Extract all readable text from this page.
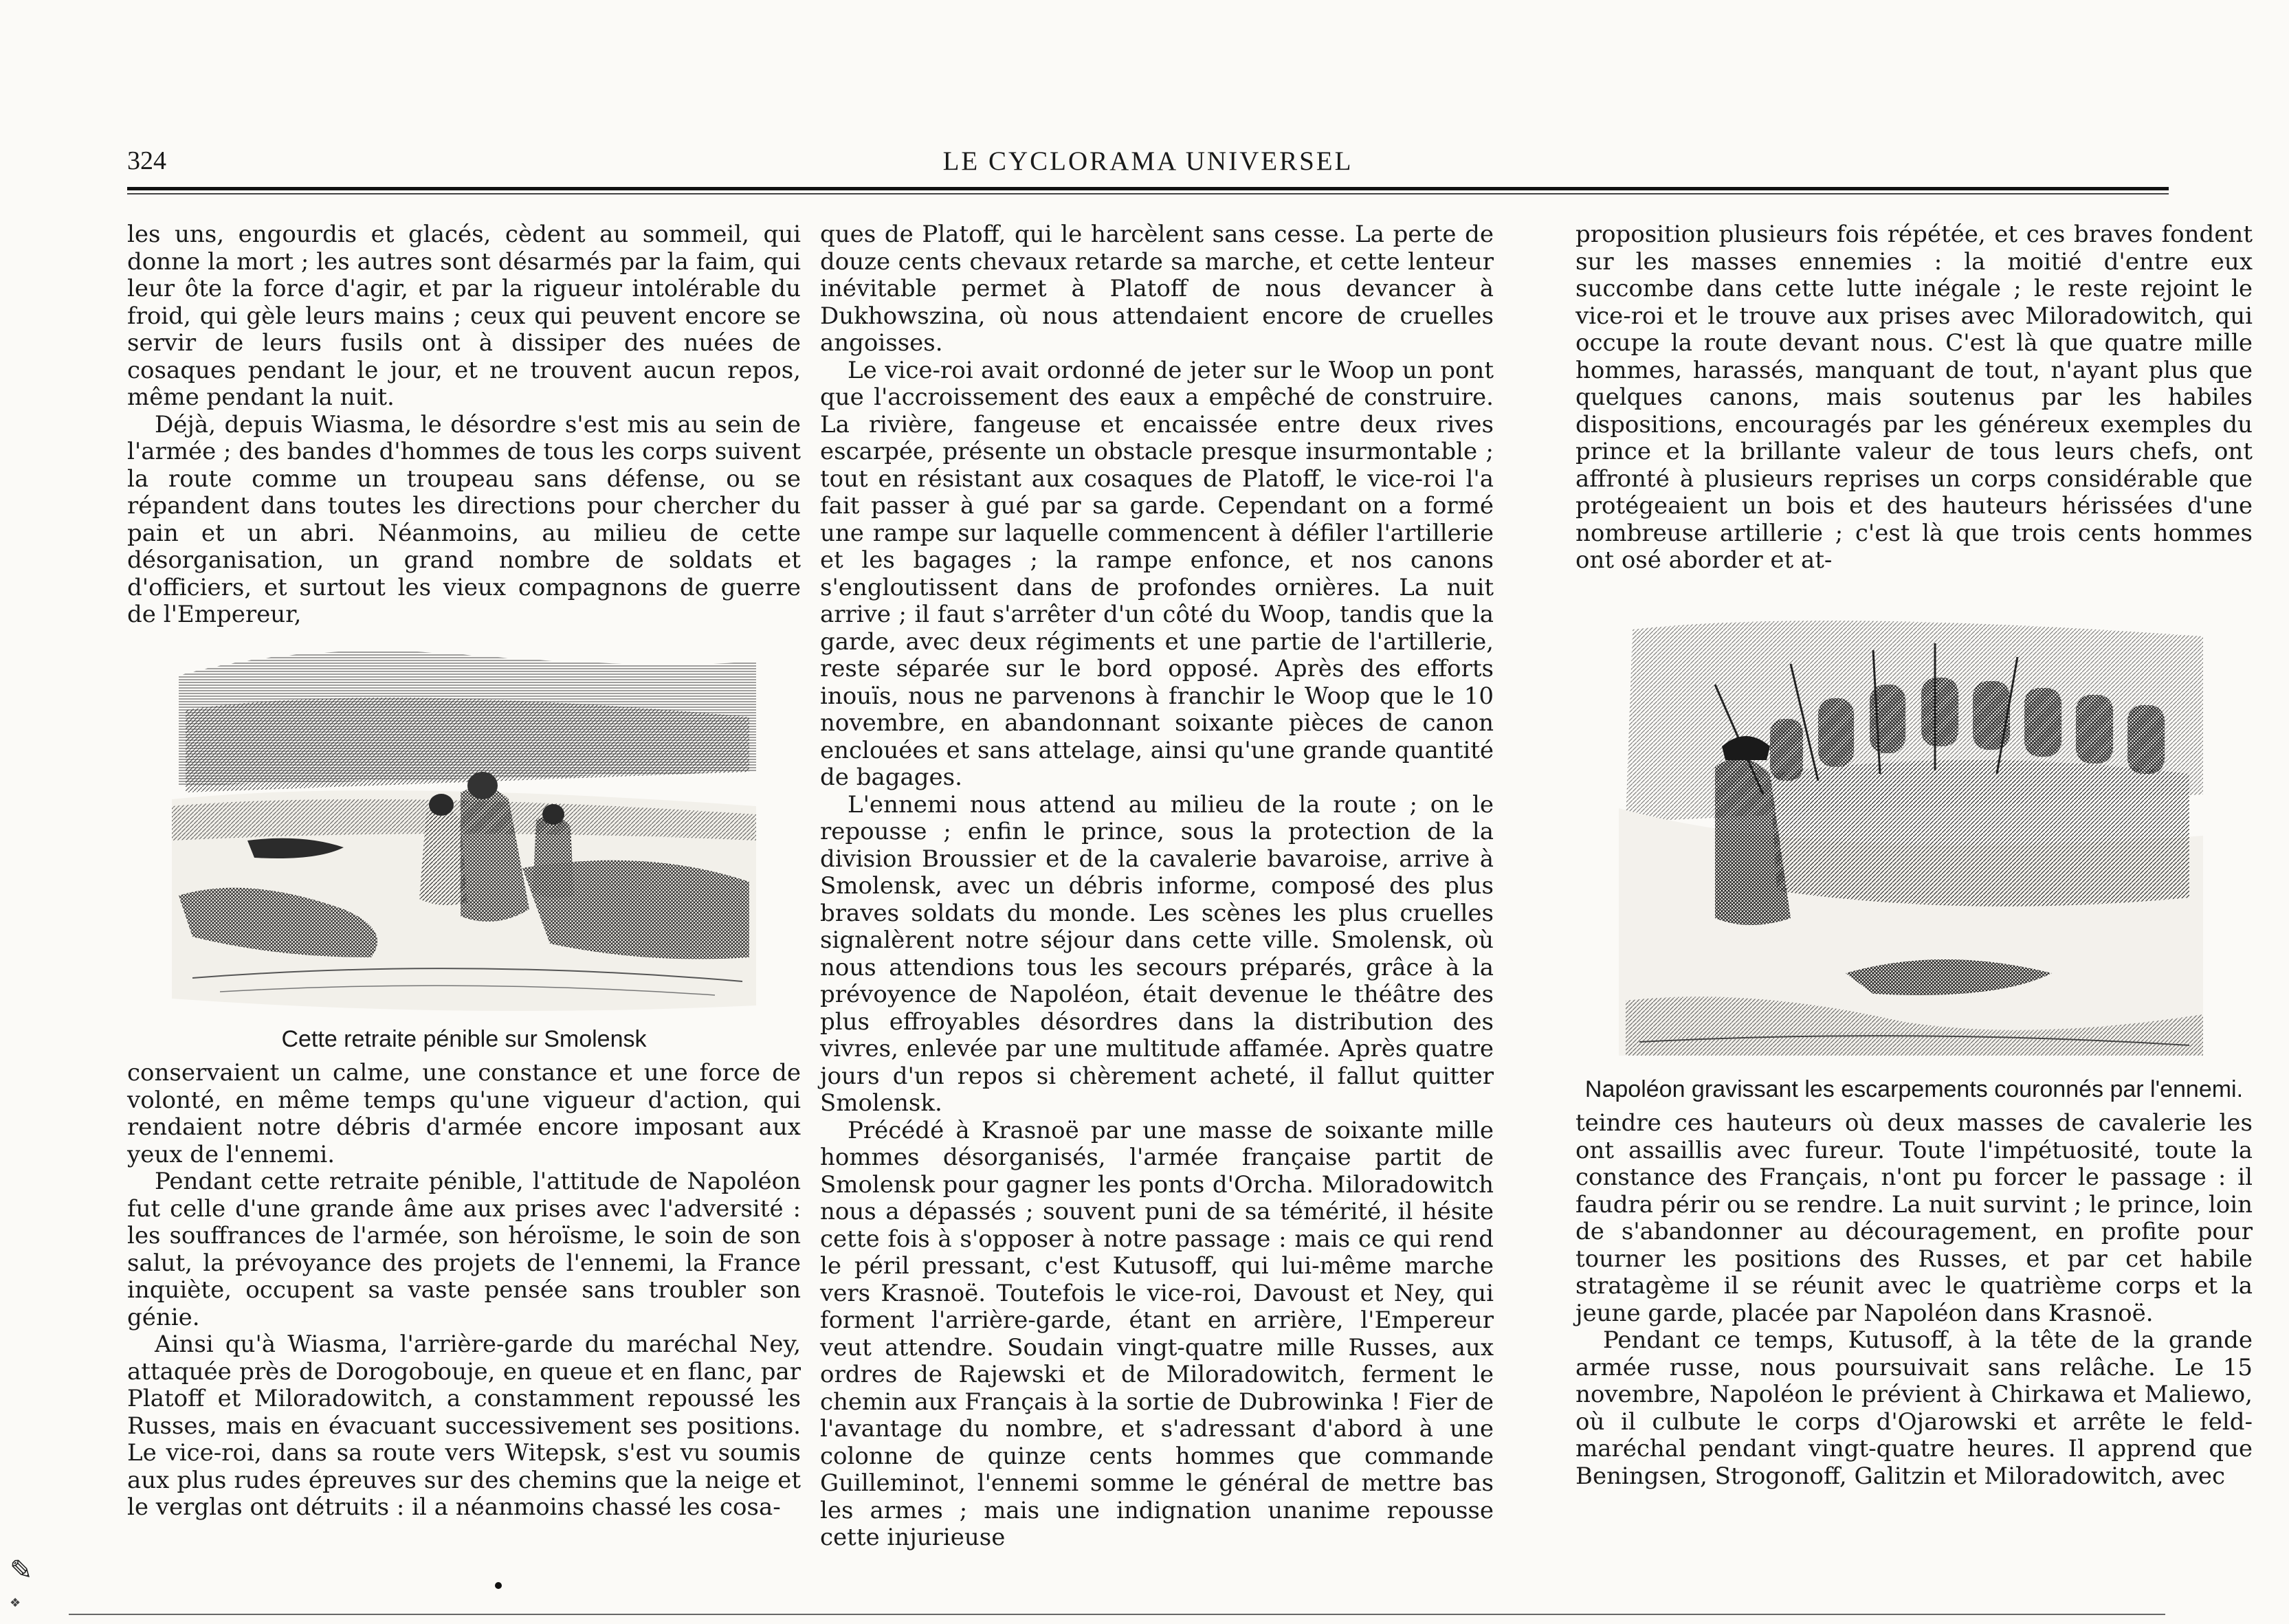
324	LE CYCLORAMA UNIVERSEL

les uns, engourdis et glacés, cèdent au sommeil, qui donne la mort ; les autres sont désarmés par la faim, qui leur ôte la force d'agir, et par la rigueur intolérable du froid, qui gèle leurs mains ; ceux qui peuvent encore se servir de leurs fusils ont à dissiper des nuées de cosaques pendant le jour, et ne trouvent aucun repos, même pendant la nuit.

Déjà, depuis Wiasma, le désordre s'est mis au sein de l'armée ; des bandes d'hommes de tous les corps suivent la route comme un troupeau sans défense, ou se répandent dans toutes les directions pour chercher du pain et un abri. Néanmoins, au milieu de cette désorganisation, un grand nombre de soldats et d'officiers, et surtout les vieux compagnons de guerre de l'Empereur,

Cette retraite pénible sur Smolensk

conservaient un calme, une constance et une force de volonté, en même temps qu'une vigueur d'action, qui rendaient notre débris d'armée encore imposant aux yeux de l'ennemi.

Pendant cette retraite pénible, l'attitude de Napoléon fut celle d'une grande âme aux prises avec l'adversité : les souffrances de l'armée, son héroïsme, le soin de son salut, la prévoyance des projets de l'ennemi, la France inquiète, occupent sa vaste pensée sans troubler son génie.

Ainsi qu'à Wiasma, l'arrière-garde du maréchal Ney, attaquée près de Dorogobouje, en queue et en flanc, par Platoff et Miloradowitch, a constamment repoussé les Russes, mais en évacuant successivement ses positions. Le vice-roi, dans sa route vers Witepsk, s'est vu soumis aux plus rudes épreuves sur des chemins que la neige et le verglas ont détruits : il a néanmoins chassé les cosa-

ques de Platoff, qui le harcèlent sans cesse. La perte de douze cents chevaux retarde sa marche, et cette lenteur inévitable permet à Platoff de nous devancer à Dukhowszina, où nous attendaient encore de cruelles angoisses.

Le vice-roi avait ordonné de jeter sur le Woop un pont que l'accroissement des eaux a empêché de construire. La rivière, fangeuse et encaissée entre deux rives escarpée, présente un obstacle presque insurmontable ; tout en résistant aux cosaques de Platoff, le vice-roi l'a fait passer à gué par sa garde. Cependant on a formé une rampe sur laquelle commencent à défiler l'artillerie et les bagages ; la rampe enfonce, et nos canons s'engloutissent dans de profondes ornières. La nuit arrive ; il faut s'arrêter d'un côté du Woop, tandis que la garde, avec deux régiments et une partie de l'artillerie, reste séparée sur le bord opposé. Après des efforts inouïs, nous ne parvenons à franchir le Woop que le 10 novembre, en abandonnant soixante pièces de canon enclouées et sans attelage, ainsi qu'une grande quantité de bagages.

L'ennemi nous attend au milieu de la route ; on le repousse ; enfin le prince, sous la protection de la division Broussier et de la cavalerie bavaroise, arrive à Smolensk, avec un débris informe, composé des plus braves soldats du monde. Les scènes les plus cruelles signalèrent notre séjour dans cette ville. Smolensk, où nous attendions tous les secours préparés, grâce à la prévoyence de Napoléon, était devenue le théâtre des plus effroyables désordres dans la distribution des vivres, enlevée par une multitude affamée. Après quatre jours d'un repos si chèrement acheté, il fallut quitter Smolensk.

Précédé à Krasnoë par une masse de soixante mille hommes désorganisés, l'armée française partit de Smolensk pour gagner les ponts d'Orcha. Miloradowitch nous a dépassés ; souvent puni de sa témérité, il hésite cette fois à s'opposer à notre passage : mais ce qui rend le péril pressant, c'est Kutusoff, qui lui-même marche vers Krasnoë. Toutefois le vice-roi, Davoust et Ney, qui forment l'arrière-garde, étant en arrière, l'Empereur veut attendre. Soudain vingt-quatre mille Russes, aux ordres de Rajewski et de Miloradowitch, ferment le chemin aux Français à la sortie de Dubrowinka ! Fier de l'avantage du nombre, et s'adressant d'abord à une colonne de quinze cents hommes que commande Guilleminot, l'ennemi somme le général de mettre bas les armes ; mais une indignation unanime repousse cette injurieuse

proposition plusieurs fois répétée, et ces braves fondent sur les masses ennemies : la moitié d'entre eux succombe dans cette lutte inégale ; le reste rejoint le vice-roi et le trouve aux prises avec Miloradowitch, qui occupe la route devant nous. C'est là que quatre mille hommes, harassés, manquant de tout, n'ayant plus que quelques canons, mais soutenus par les habiles dispositions, encouragés par les généreux exemples du prince et la brillante valeur de tous leurs chefs, ont affronté à plusieurs reprises un corps considérable que protégeaient un bois et des hauteurs hérissées d'une nombreuse artillerie ; c'est là que trois cents hommes ont osé aborder et at-

Napoléon gravissant les escarpements couronnés par l'ennemi.

teindre ces hauteurs où deux masses de cavalerie les ont assaillis avec fureur. Toute l'impétuosité, toute la constance des Français, n'ont pu forcer le passage : il faudra périr ou se rendre. La nuit survint ; le prince, loin de s'abandonner au découragement, en profite pour tourner les positions des Russes, et par cet habile stratagème il se réunit avec le quatrième corps et la jeune garde, placée par Napoléon dans Krasnoë.

Pendant ce temps, Kutusoff, à la tête de la grande armée russe, nous poursuivait sans relâche. Le 15 novembre, Napoléon le prévient à Chirkawa et Maliewo, où il culbute le corps d'Ojarowski et arrête le feld-maréchal pendant vingt-quatre heures. Il apprend que Beningsen, Strogonoff, Galitzin et Miloradowitch, avec

✎
❖
